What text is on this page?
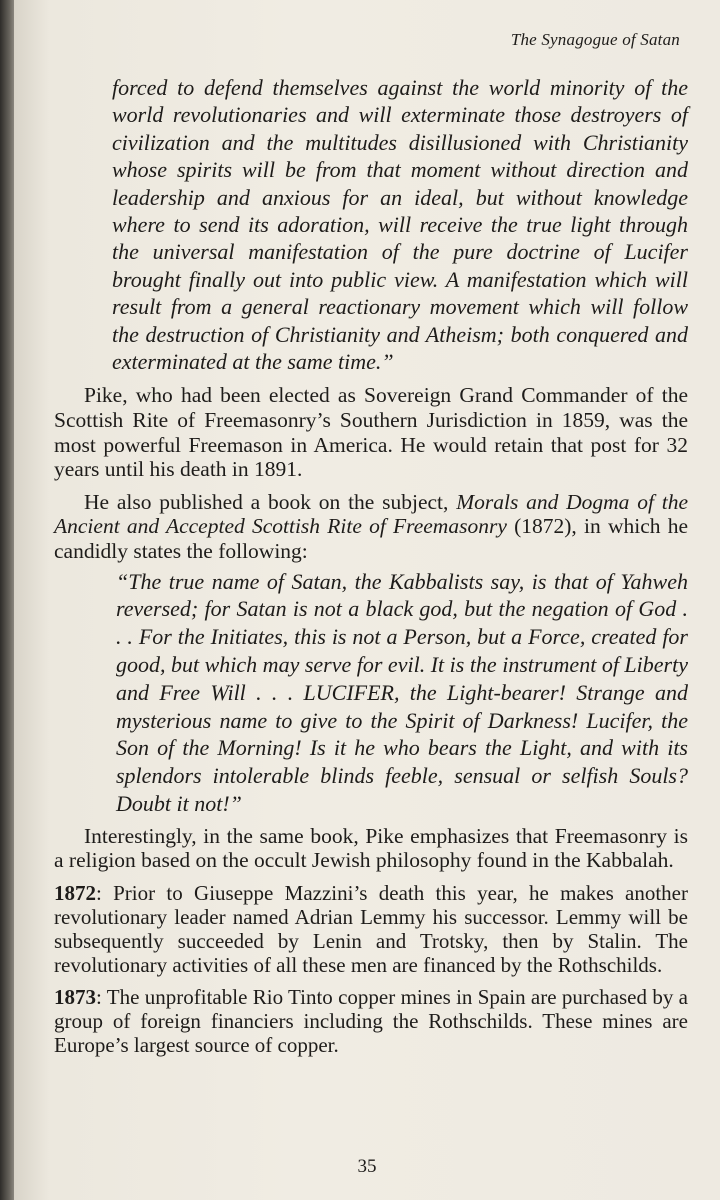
The Synagogue of Satan

forced to defend themselves against the world minority of the world revolutionaries and will exterminate those destroyers of civilization and the multitudes disillusioned with Christianity whose spirits will be from that moment without direction and leadership and anxious for an ideal, but without knowledge where to send its adoration, will receive the true light through the universal manifestation of the pure doctrine of Lucifer brought finally out into public view. A manifestation which will result from a general reactionary movement which will follow the destruction of Christianity and Atheism; both conquered and exterminated at the same time.”

Pike, who had been elected as Sovereign Grand Commander of the Scottish Rite of Freemasonry’s Southern Jurisdiction in 1859, was the most powerful Freemason in America. He would retain that post for 32 years until his death in 1891.

He also published a book on the subject, Morals and Dogma of the Ancient and Accepted Scottish Rite of Freemasonry (1872), in which he candidly states the following:

“The true name of Satan, the Kabbalists say, is that of Yahweh reversed; for Satan is not a black god, but the negation of God . . . For the Initiates, this is not a Person, but a Force, created for good, but which may serve for evil. It is the instrument of Liberty and Free Will . . . LUCIFER, the Light-bearer! Strange and mysterious name to give to the Spirit of Darkness! Lucifer, the Son of the Morning! Is it he who bears the Light, and with its splendors intolerable blinds feeble, sensual or selfish Souls? Doubt it not!”

Interestingly, in the same book, Pike emphasizes that Freemasonry is a religion based on the occult Jewish philosophy found in the Kabbalah.

1872: Prior to Giuseppe Mazzini’s death this year, he makes another revolutionary leader named Adrian Lemmy his successor. Lemmy will be subsequently succeeded by Lenin and Trotsky, then by Stalin. The revolutionary activities of all these men are financed by the Rothschilds.

1873: The unprofitable Rio Tinto copper mines in Spain are purchased by a group of foreign financiers including the Rothschilds. These mines are Europe’s largest source of copper.

35
